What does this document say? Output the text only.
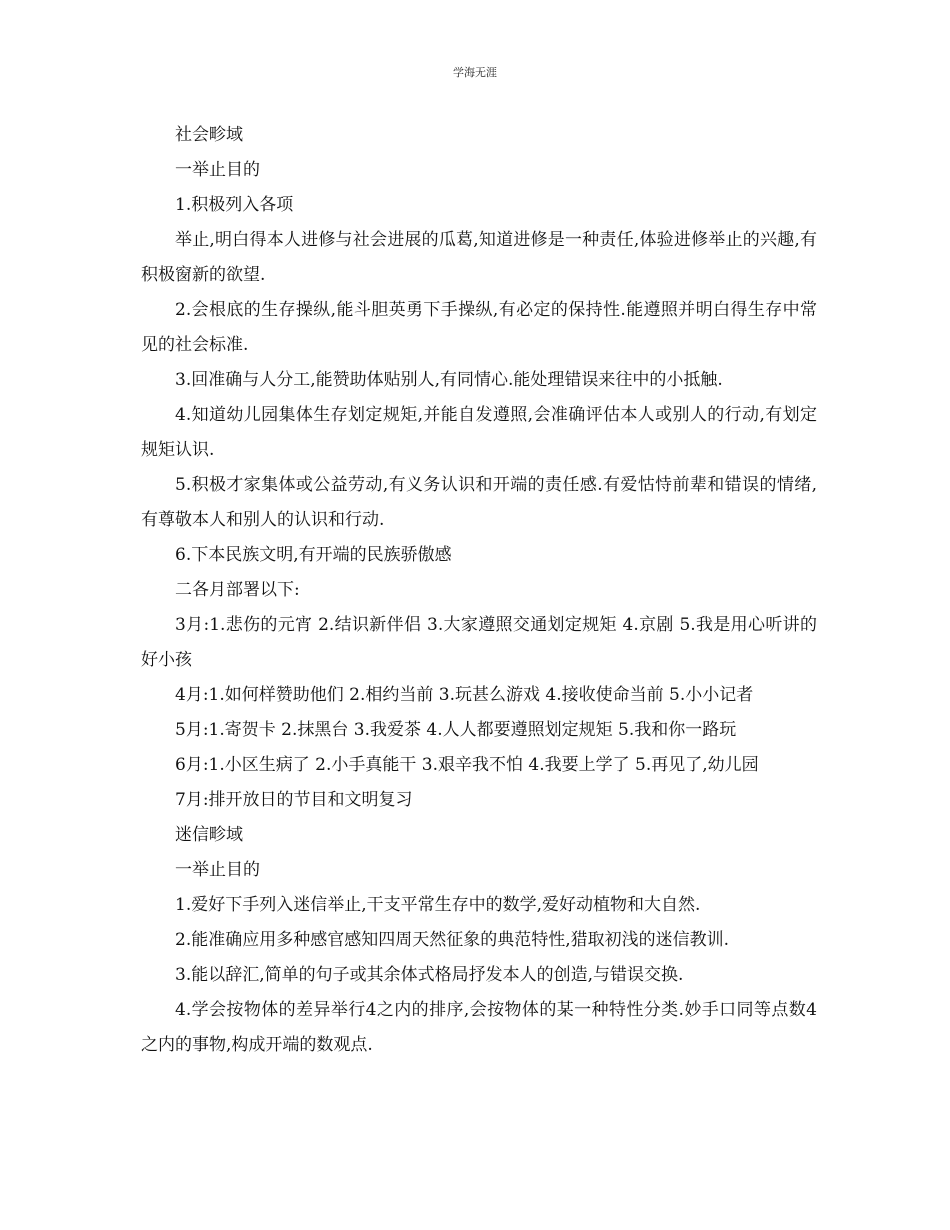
学海无涯

社会畛域

一举止目的

1.积极列入各项

举止,明白得本人进修与社会进展的瓜葛,知道进修是一种责任,体验进修举止的兴趣,有积极窗新的欲望.

2.会根底的生存操纵,能斗胆英勇下手操纵,有必定的保持性.能遵照并明白得生存中常见的社会标准.

3.回准确与人分工,能赞助体贴别人,有同情心.能处理错误来往中的小抵触.

4.知道幼儿园集体生存划定规矩,并能自发遵照,会准确评估本人或别人的行动,有划定规矩认识.

5.积极才家集体或公益劳动,有义务认识和开端的责任感.有爱怙恃前辈和错误的情绪,有尊敬本人和别人的认识和行动.

6.下本民族文明,有开端的民族骄傲感

二各月部署以下:

3月:1.悲伤的元宵 2.结识新伴侣 3.大家遵照交通划定规矩 4.京剧 5.我是用心听讲的好小孩

4月:1.如何样赞助他们 2.相约当前 3.玩甚么游戏 4.接收使命当前 5.小小记者

5月:1.寄贺卡 2.抹黑台 3.我爱茶 4.人人都要遵照划定规矩 5.我和你一路玩

6月:1.小区生病了 2.小手真能干 3.艰辛我不怕 4.我要上学了 5.再见了,幼儿园

7月:排开放日的节目和文明复习

迷信畛域

一举止目的

1.爱好下手列入迷信举止,干支平常生存中的数学,爱好动植物和大自然.

2.能准确应用多种感官感知四周天然征象的典范特性,猎取初浅的迷信教训.

3.能以辞汇,简单的句子或其余体式格局抒发本人的创造,与错误交换.

4.学会按物体的差异举行4之内的排序,会按物体的某一种特性分类.妙手口同等点数4之内的事物,构成开端的数观点.
